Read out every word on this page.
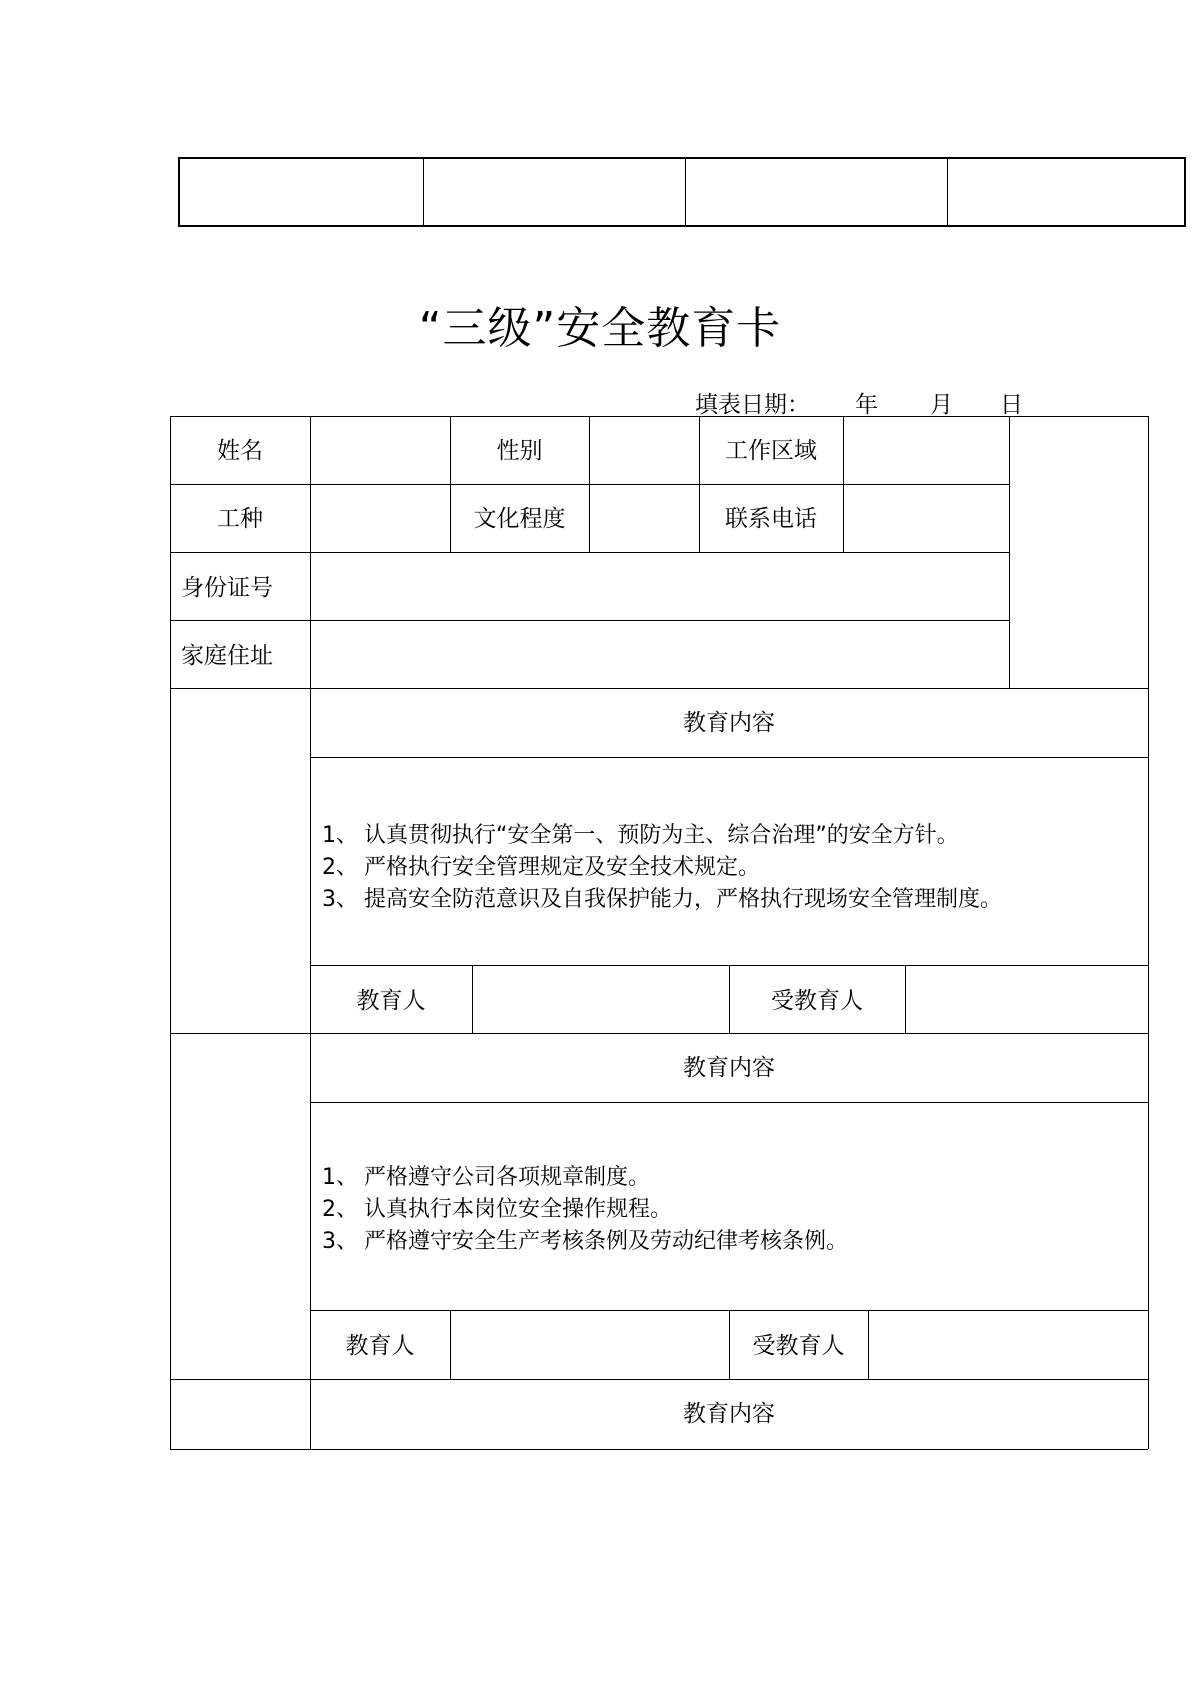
“三级”安全教育卡
填表日期： 年 月 日
姓名	性别	工作区域
工种	文化程度	联系电话
身份证号
家庭住址
教育内容
1、 认真贯彻执行“安全第一、预防为主、综合治理”的安全方针。
2、 严格执行安全管理规定及安全技术规定。
3、 提高安全防范意识及自我保护能力，严格执行现场安全管理制度。
教育人	受教育人
教育内容
1、 严格遵守公司各项规章制度。
2、 认真执行本岗位安全操作规程。
3、 严格遵守安全生产考核条例及劳动纪律考核条例。
教育人	受教育人
教育内容
